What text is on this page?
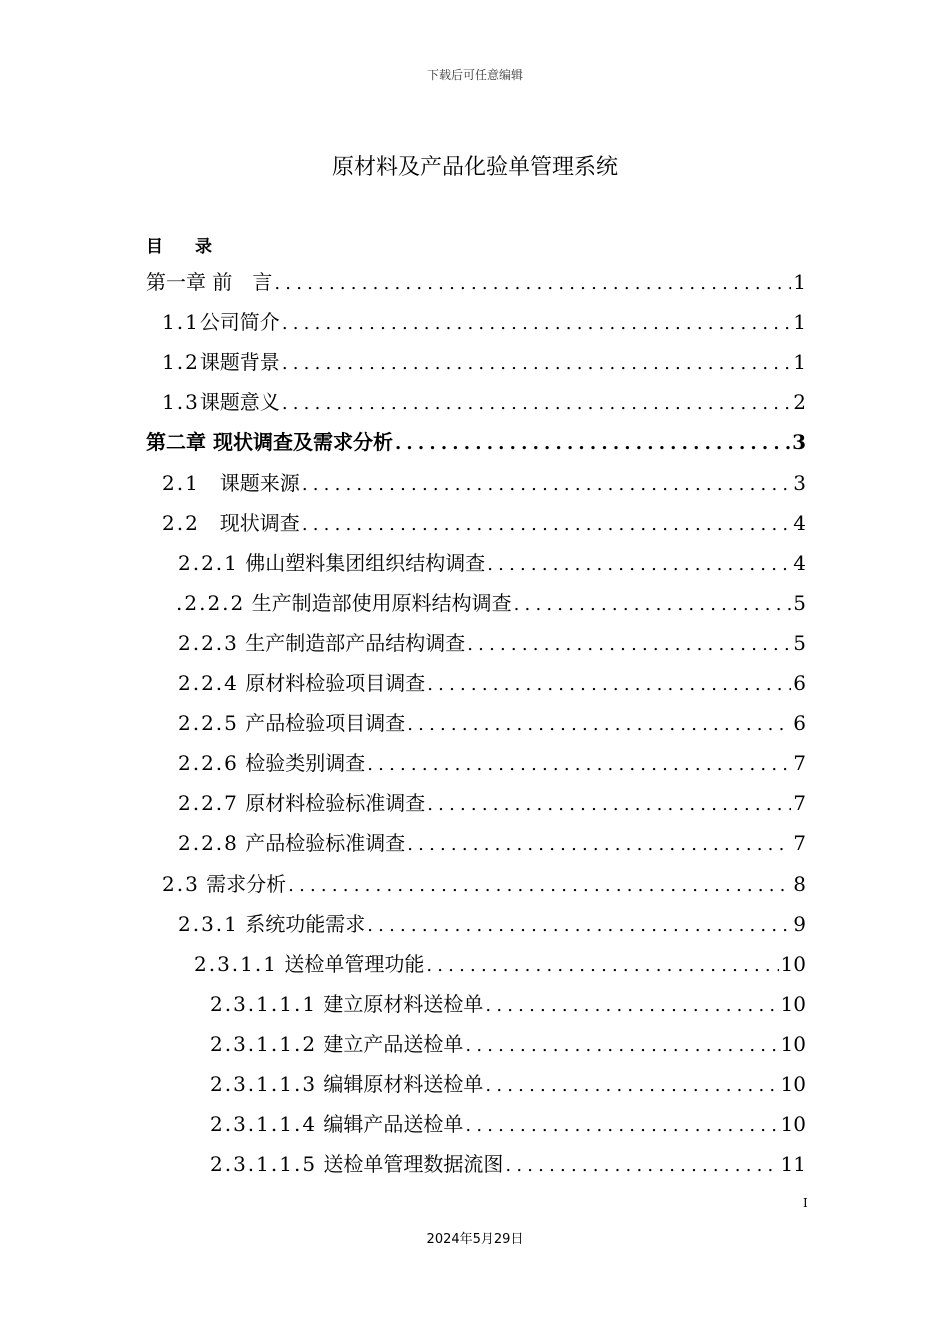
下载后可任意编辑
原材料及产品化验单管理系统
目 录
第一章 前　言 .....	1
1.1公司简介 .....	1
1.2课题背景 .....	1
1.3课题意义 .....	2
第二章 现状调查及需求分析 .....	3
2.1　课题来源 .....	3
2.2　现状调查 .....	4
2.2.1 佛山塑料集团组织结构调查 .....	4
.2.2.2 生产制造部使用原料结构调查 .....	5
2.2.3 生产制造部产品结构调查 .....	5
2.2.4 原材料检验项目调查 .....	6
2.2.5 产品检验项目调查 .....	6
2.2.6 检验类别调查 .....	7
2.2.7 原材料检验标准调查 .....	7
2.2.8 产品检验标准调查 .....	7
2.3 需求分析 .....	8
2.3.1 系统功能需求 .....	9
2.3.1.1 送检单管理功能 .....	10
2.3.1.1.1 建立原材料送检单 .....	10
2.3.1.1.2 建立产品送检单 .....	10
2.3.1.1.3 编辑原材料送检单 .....	10
2.3.1.1.4 编辑产品送检单 .....	10
2.3.1.1.5 送检单管理数据流图 .....	11
I
2024年5月29日
